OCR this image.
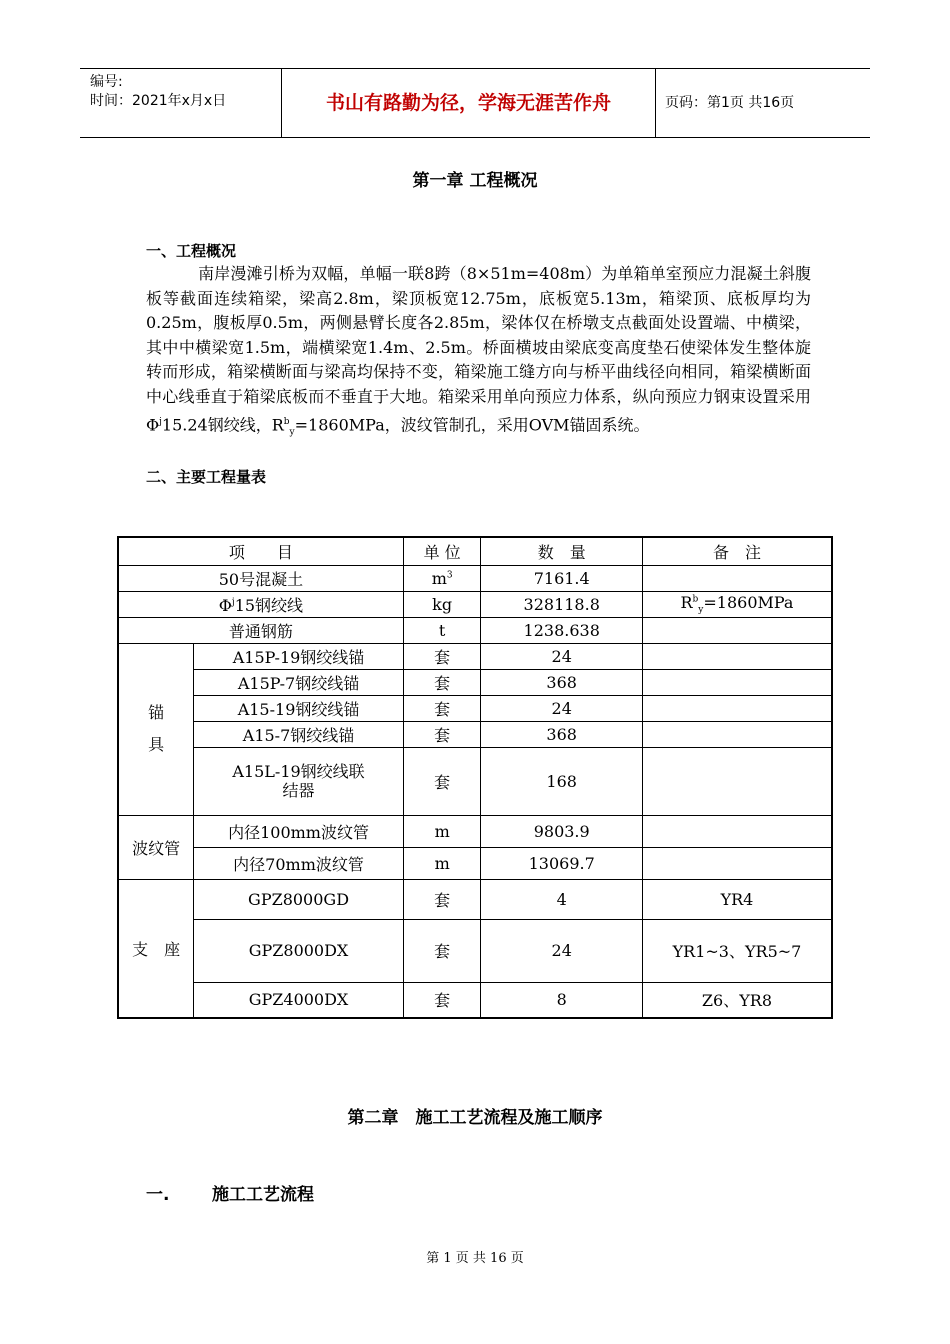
编号:
时间：2021年x月x日	书山有路勤为径，学海无涯苦作舟	页码：第1页 共16页
第一章 工程概况
一、工程概况
南岸漫滩引桥为双幅，单幅一联8跨（8×51m=408m）为单箱单室预应力混凝土斜腹板等截面连续箱梁，梁高2.8m，梁顶板宽12.75m，底板宽5.13m，箱梁顶、底板厚均为0.25m，腹板厚0.5m，两侧悬臂长度各2.85m，梁体仅在桥墩支点截面处设置端、中横梁，其中中横梁宽1.5m，端横梁宽1.4m、2.5m。桥面横坡由梁底变高度垫石使梁体发生整体旋转而形成，箱梁横断面与梁高均保持不变，箱梁施工缝方向与桥平曲线径向相同，箱梁横断面中心线垂直于箱梁底板而不垂直于大地。箱梁采用单向预应力体系，纵向预应力钢束设置采用$\Phi^j15.24$钢绞线，$R^b_y=1860MPa$，波纹管制孔，采用OVM锚固系统。
二、主要工程量表
项　　目		单 位	数　量	备　注
50号混凝土		$m^3$	7161.4	
$\Phi^j15$钢绞线		kg	328118.8	$R^b_y=1860MPa$
普通钢筋		t	1238.638	

锚　　具	A15P-19钢绞线锚	套	24	
	A15P-7钢绞线锚	套	368	
	A15-19钢绞线锚	套	24	
	A15-7钢绞线锚	套	368	

	A15L-19钢绞线联结器	套	168	
波纹管	内径100mm波纹管	m	9803.9	
	内径70mm波纹管	m	13069.7	
支　座	GPZ8000GD	套	4	YR4
	GPZ8000DX	套	24	YR1~3、YR5~7
	GPZ4000DX	套	8	Z6、YR8
第二章　施工工艺流程及施工顺序
一.	施工工艺流程
第 1 页 共 16 页
